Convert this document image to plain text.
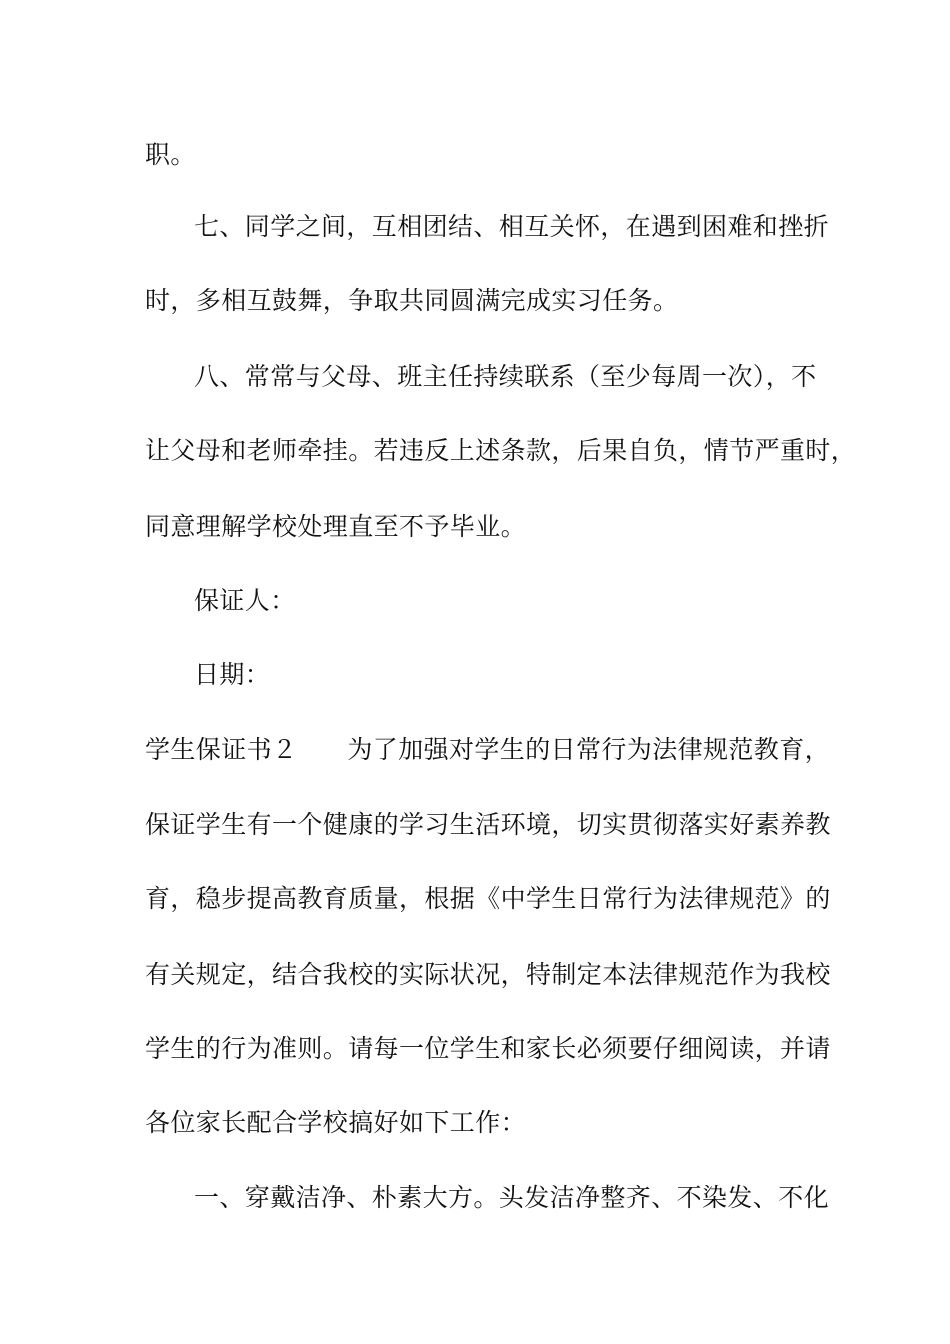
职。
七、同学之间，互相团结、相互关怀，在遇到困难和挫折
时，多相互鼓舞，争取共同圆满完成实习任务。
八、常常与父母、班主任持续联系（至少每周一次），不
让父母和老师牵挂。若违反上述条款，后果自负，情节严重时，
同意理解学校处理直至不予毕业。
保证人：
日期：
学生保证书２ 为了加强对学生的日常行为法律规范教育，
保证学生有一个健康的学习生活环境，切实贯彻落实好素养教
育，稳步提高教育质量，根据《中学生日常行为法律规范》的
有关规定，结合我校的实际状况，特制定本法律规范作为我校
学生的行为准则。请每一位学生和家长必须要仔细阅读，并请
各位家长配合学校搞好如下工作：
一、穿戴洁净、朴素大方。头发洁净整齐、不染发、不化
